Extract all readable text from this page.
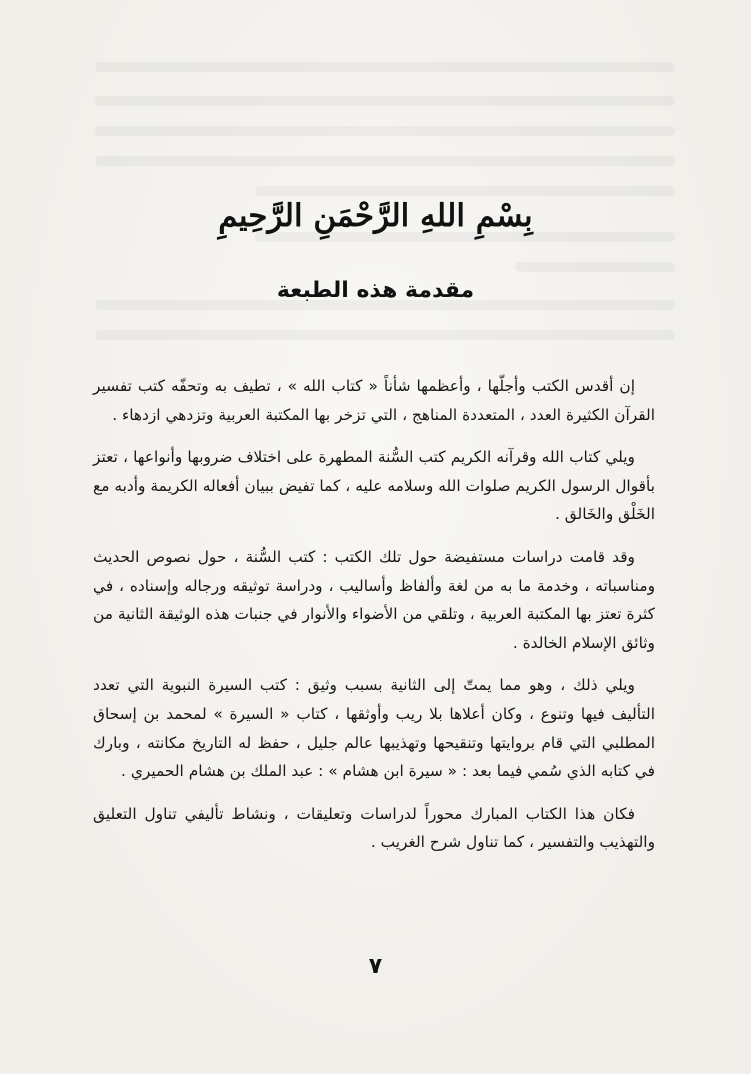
بِسْمِ اللهِ الرَّحْمَنِ الرَّحِيمِ
مقدمة هذه الطبعة

إن أقدس الكتب وأجلّها ، وأعظمها شأناً « كتاب الله » ، تطيف به وتحفّه كتب تفسير القرآن الكثيرة العدد ، المتعددة المناهج ، التي تزخر بها المكتبة العربية وتزدهي ازدهاء .

ويلي كتاب الله وقرآنه الكريم كتب السُّنة المطهرة على اختلاف ضروبها وأنواعها ، تعتز بأقوال الرسول الكريم صلوات الله وسلامه عليه ، كما تفيض ببيان أفعاله الكريمة وأدبه مع الخَلْق والخَالق .

وقد قامت دراسات مستفيضة حول تلك الكتب : كتب السُّنة ، حول نصوص الحديث ومناسباته ، وخدمة ما به من لغة وألفاظ وأساليب ، ودراسة توثيقه ورجاله وإسناده ، في كثرة تعتز بها المكتبة العربية ، وتلقي من الأضواء والأنوار في جنبات هذه الوثيقة الثانية من وثائق الإسلام الخالدة .

ويلي ذلك ، وهو مما يمتّ إلى الثانية بسبب وثيق : كتب السيرة النبوية التي تعدد التأليف فيها وتنوع ، وكان أعلاها بلا ريب وأوثقها ، كتاب « السيرة » لمحمد بن إسحاق المطلبي التي قام بروايتها وتنقيحها وتهذيبها عالم جليل ، حفظ له التاريخ مكانته ، وبارك في كتابه الذي سُمي فيما بعد : « سيرة ابن هشام » : عبد الملك بن هشام الحميري .

فكان هذا الكتاب المبارك محوراً لدراسات وتعليقات ، ونشاط تأليفي تناول التعليق والتهذيب والتفسير ، كما تناول شرح الغريب .

٧
